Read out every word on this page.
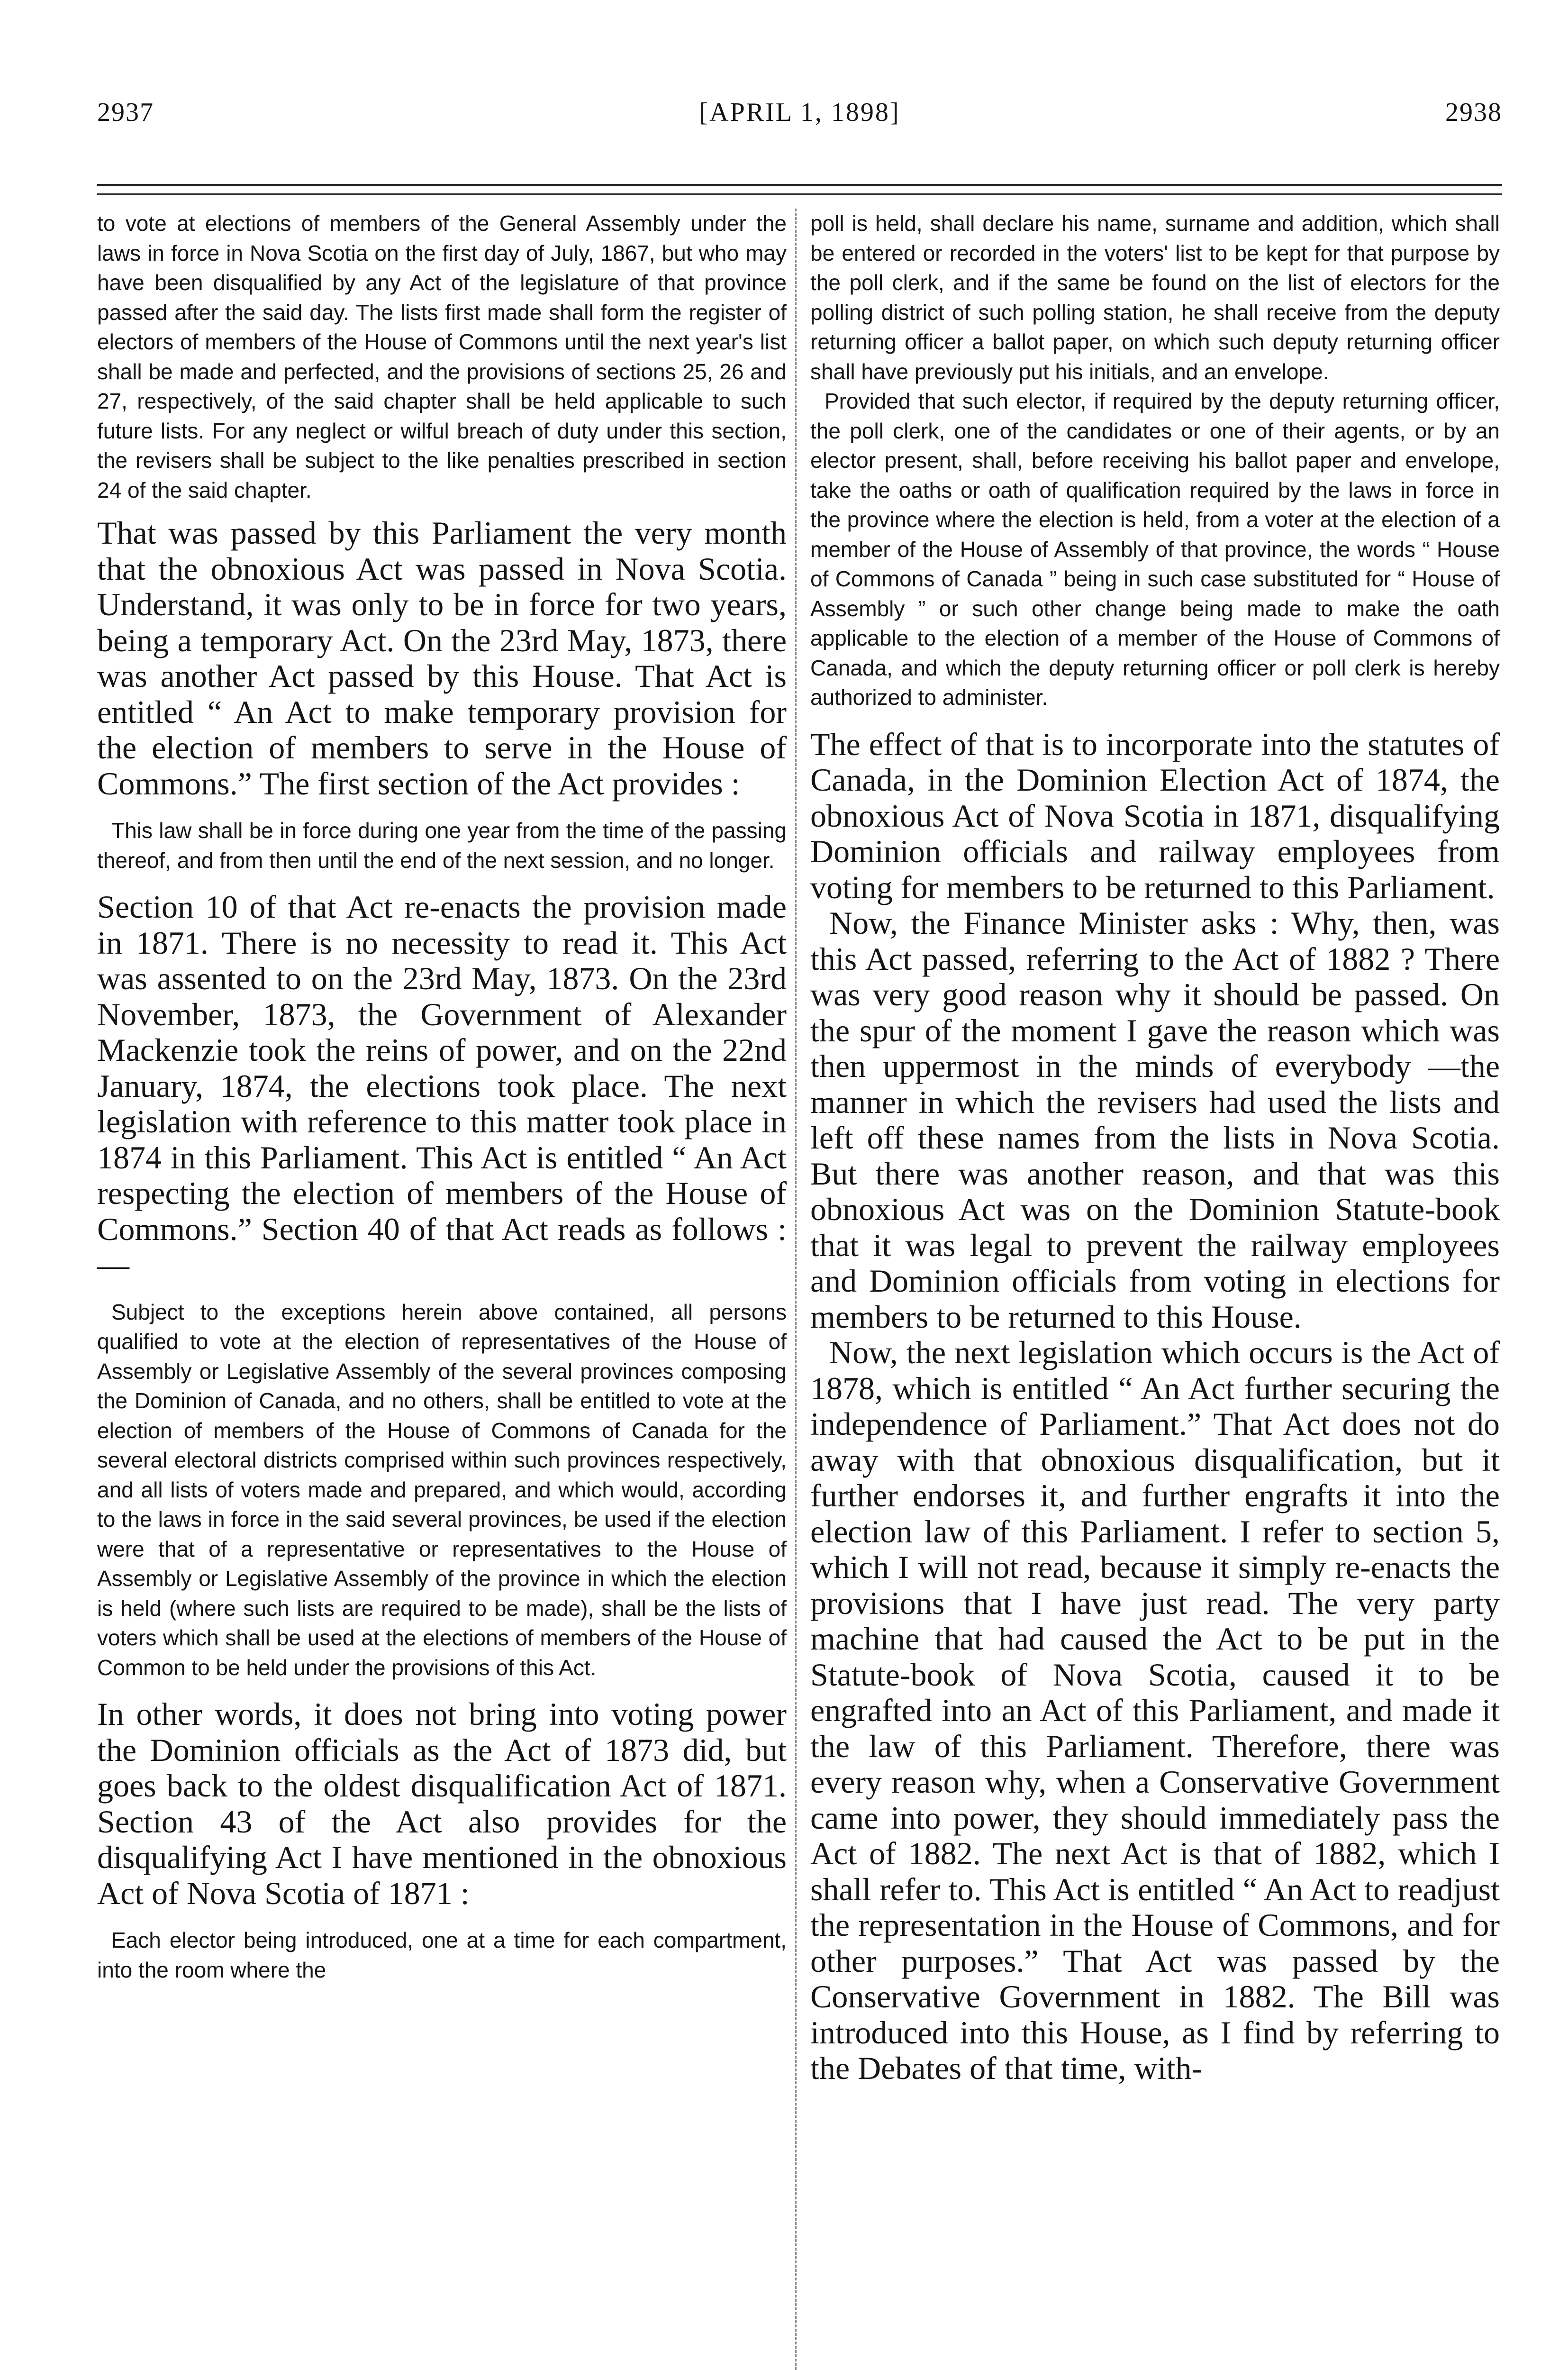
2937	[APRIL 1, 1898]	2938

to vote at elections of members of the General Assembly under the laws in force in Nova Scotia on the first day of July, 1867, but who may have been disqualified by any Act of the legislature of that province passed after the said day. The lists first made shall form the register of electors of members of the House of Commons until the next year's list shall be made and perfected, and the provisions of sections 25, 26 and 27, respectively, of the said chapter shall be held applicable to such future lists. For any neglect or wilful breach of duty under this section, the revisers shall be subject to the like penalties prescribed in section 24 of the said chapter.

That was passed by this Parliament the very month that the obnoxious Act was passed in Nova Scotia. Understand, it was only to be in force for two years, being a temporary Act. On the 23rd May, 1873, there was another Act passed by this House. That Act is entitled “ An Act to make temporary provision for the election of members to serve in the House of Commons.” The first section of the Act provides :

This law shall be in force during one year from the time of the passing thereof, and from then until the end of the next session, and no longer.

Section 10 of that Act re-enacts the provision made in 1871. There is no necessity to read it. This Act was assented to on the 23rd May, 1873. On the 23rd November, 1873, the Government of Alexander Mackenzie took the reins of power, and on the 22nd January, 1874, the elections took place. The next legislation with reference to this matter took place in 1874 in this Parliament. This Act is entitled “ An Act respecting the election of members of the House of Commons.” Section 40 of that Act reads as follows :—

Subject to the exceptions herein above contained, all persons qualified to vote at the election of representatives of the House of Assembly or Legislative Assembly of the several provinces composing the Dominion of Canada, and no others, shall be entitled to vote at the election of members of the House of Commons of Canada for the several electoral districts comprised within such provinces respectively, and all lists of voters made and prepared, and which would, according to the laws in force in the said several provinces, be used if the election were that of a representative or representatives to the House of Assembly or Legislative Assembly of the province in which the election is held (where such lists are required to be made), shall be the lists of voters which shall be used at the elections of members of the House of Common to be held under the provisions of this Act.

In other words, it does not bring into voting power the Dominion officials as the Act of 1873 did, but goes back to the oldest disqualification Act of 1871. Section 43 of the Act also provides for the disqualifying Act I have mentioned in the obnoxious Act of Nova Scotia of 1871 :

Each elector being introduced, one at a time for each compartment, into the room where the

poll is held, shall declare his name, surname and addition, which shall be entered or recorded in the voters' list to be kept for that purpose by the poll clerk, and if the same be found on the list of electors for the polling district of such polling station, he shall receive from the deputy returning officer a ballot paper, on which such deputy returning officer shall have previously put his initials, and an envelope.

Provided that such elector, if required by the deputy returning officer, the poll clerk, one of the candidates or one of their agents, or by an elector present, shall, before receiving his ballot paper and envelope, take the oaths or oath of qualification required by the laws in force in the province where the election is held, from a voter at the election of a member of the House of Assembly of that province, the words “ House of Commons of Canada ” being in such case substituted for “ House of Assembly ” or such other change being made to make the oath applicable to the election of a member of the House of Commons of Canada, and which the deputy returning officer or poll clerk is hereby authorized to administer.

The effect of that is to incorporate into the statutes of Canada, in the Dominion Election Act of 1874, the obnoxious Act of Nova Scotia in 1871, disqualifying Dominion officials and railway employees from voting for members to be returned to this Parliament.

Now, the Finance Minister asks : Why, then, was this Act passed, referring to the Act of 1882 ? There was very good reason why it should be passed. On the spur of the moment I gave the reason which was then uppermost in the minds of everybody —the manner in which the revisers had used the lists and left off these names from the lists in Nova Scotia. But there was another reason, and that was this obnoxious Act was on the Dominion Statute-book that it was legal to prevent the railway employees and Dominion officials from voting in elections for members to be returned to this House.

Now, the next legislation which occurs is the Act of 1878, which is entitled “ An Act further securing the independence of Parliament.” That Act does not do away with that obnoxious disqualification, but it further endorses it, and further engrafts it into the election law of this Parliament. I refer to section 5, which I will not read, because it simply re-enacts the provisions that I have just read. The very party machine that had caused the Act to be put in the Statute-book of Nova Scotia, caused it to be engrafted into an Act of this Parliament, and made it the law of this Parliament. Therefore, there was every reason why, when a Conservative Government came into power, they should immediately pass the Act of 1882. The next Act is that of 1882, which I shall refer to. This Act is entitled “ An Act to readjust the representation in the House of Commons, and for other purposes.” That Act was passed by the Conservative Government in 1882. The Bill was introduced into this House, as I find by referring to the Debates of that time, with-
